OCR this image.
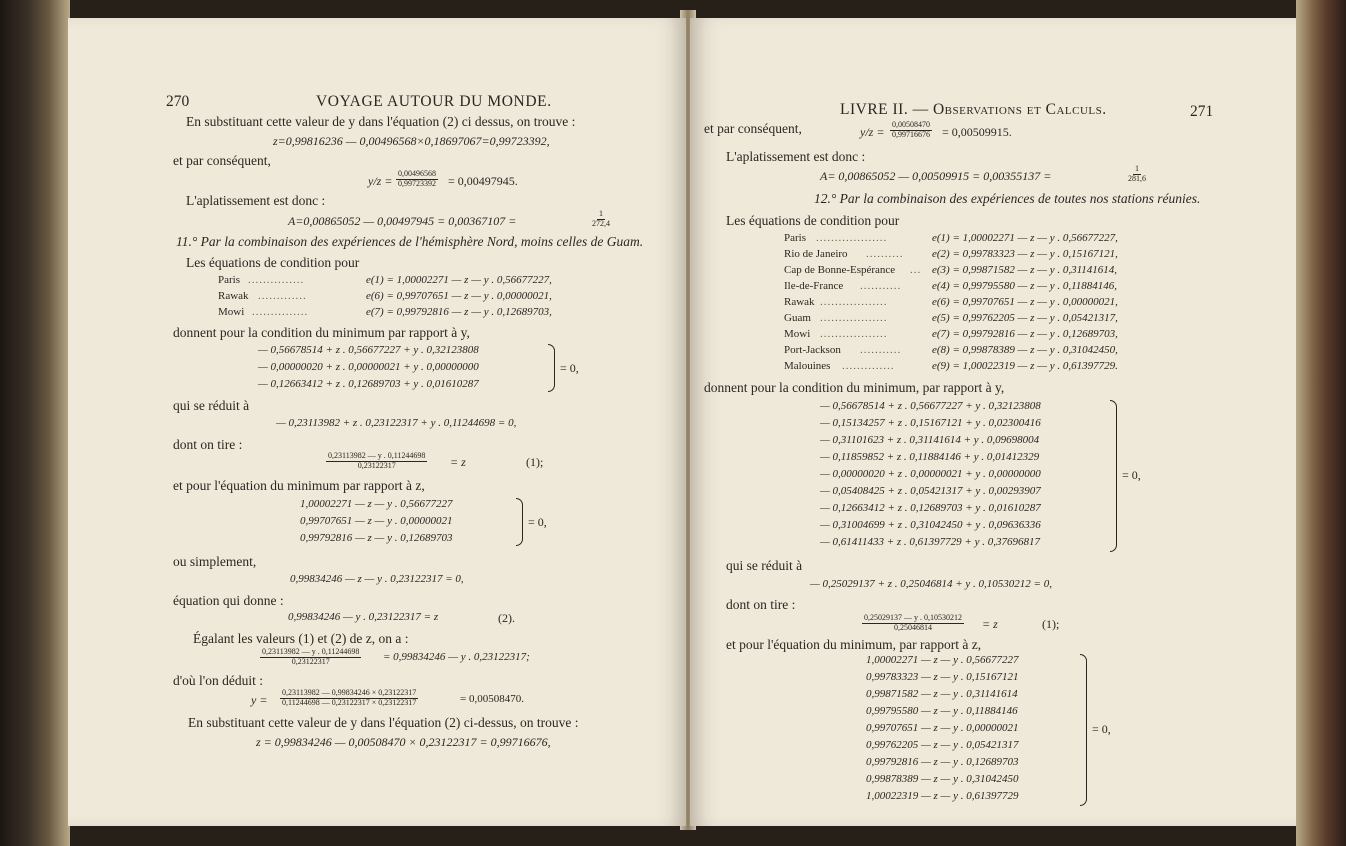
270	VOYAGE AUTOUR DU MONDE.
En substituant cette valeur de y dans l'équation (2) ci dessus, on trouve :
z=0,99816236 — 0,00496568×0,18697067=0,99723392,
et par conséquent,
$y/z = \frac{0,00496568}{0,99723392} = 0,00497945$.
L'aplatissement est donc :
A=0,00865052 — 0,00497945 = 0,00367107 =	$\frac{1}{272,4}$
11.° Par la combinaison des expériences de l'hémisphère Nord, moins celles de Guam.
Les équations de condition pour
Paris ...............	e(1) = 1,00002271 — z — y . 0,56677227,
Rawak .............	e(6) = 0,99707651 — z — y . 0,00000021,
Mowi ...............	e(7) = 0,99792816 — z — y . 0,12689703,
donnent pour la condition du minimum par rapport à y,
— 0,56678514 + z . 0,56677227 + y . 0,32123808
— 0,00000020 + z . 0,00000021 + y . 0,00000000
— 0,12663412 + z . 0,12689703 + y . 0,01610287
= 0,
qui se réduit à
— 0,23113982 + z . 0,23122317 + y . 0,11244698 = 0,
dont on tire :
$\frac{0,23113982 — y . 0,11244698}{0,23122317} = z$	(1);
et pour l'équation du minimum par rapport à z,
1,00002271 — z — y . 0,56677227
0,99707651 — z — y . 0,00000021
0,99792816 — z — y . 0,12689703
= 0,
ou simplement,
0,99834246 — z — y . 0,23122317 = 0,
équation qui donne :
0,99834246 — y . 0,23122317 = z	(2).
Égalant les valeurs (1) et (2) de z, on a :
$\frac{0,23113982 — y . 0,11244698}{0,23122317} = 0,99834246$ — y . 0,23122317;
d'où l'on déduit :
$y = \frac{0,23113982 — 0,99834246 \times 0,23122317}{0,11244698 — 0,23122317 \times 0,23122317}$	= 0,00508470.
En substituant cette valeur de y dans l'équation (2) ci-dessus, on trouve :
z = 0,99834246 — 0,00508470 × 0,23122317 = 0,99716676,
LIVRE II. — Observations et Calculs.	271
et par conséquent,	$y/z = \frac{0,00508470}{0,99716676} = 0,00509915$.
L'aplatissement est donc :
A= 0,00865052 — 0,00509915 = 0,00355137 =	$\frac{1}{281,6}$
12.° Par la combinaison des expériences de toutes nos stations réunies.
Les équations de condition pour
Paris ...................	e(1) = 1,00002271 — z — y . 0,56677227,
Rio de Janeiro ..........	e(2) = 0,99783323 — z — y . 0,15167121,
Cap de Bonne-Espérance ... e(3) = 0,99871582 — z — y . 0,31141614,
Ile-de-France ...........	e(4) = 0,99795580 — z — y . 0,11884146,
Rawak ..................	e(6) = 0,99707651 — z — y . 0,00000021,
Guam ..................	e(5) = 0,99762205 — z — y . 0,05421317,
Mowi ..................	e(7) = 0,99792816 — z — y . 0,12689703,
Port-Jackson ...........	e(8) = 0,99878389 — z — y . 0,31042450,
Malouines ..............	e(9) = 1,00022319 — z — y . 0,61397729.
donnent pour la condition du minimum, par rapport à y,
— 0,56678514 + z . 0,56677227 + y . 0,32123808
— 0,15134257 + z . 0,15167121 + y . 0,02300416
— 0,31101623 + z . 0,31141614 + y . 0,09698004
— 0,11859852 + z . 0,11884146 + y . 0,01412329
— 0,00000020 + z . 0,00000021 + y . 0,00000000
— 0,05408425 + z . 0,05421317 + y . 0,00293907
— 0,12663412 + z . 0,12689703 + y . 0,01610287
— 0,31004699 + z . 0,31042450 + y . 0,09636336
— 0,61411433 + z . 0,61397729 + y . 0,37696817
= 0,
qui se réduit à
— 0,25029137 + z . 0,25046814 + y . 0,10530212 = 0,
dont on tire :
$\frac{0,25029137 — y . 0,10530212}{0,25046814} = z$	(1);
et pour l'équation du minimum, par rapport à z,
1,00002271 — z — y . 0,56677227
0,99783323 — z — y . 0,15167121
0,99871582 — z — y . 0,31141614
0,99795580 — z — y . 0,11884146
0,99707651 — z — y . 0,00000021
0,99762205 — z — y . 0,05421317
0,99792816 — z — y . 0,12689703
0,99878389 — z — y . 0,31042450
1,00022319 — z — y . 0,61397729
= 0,
